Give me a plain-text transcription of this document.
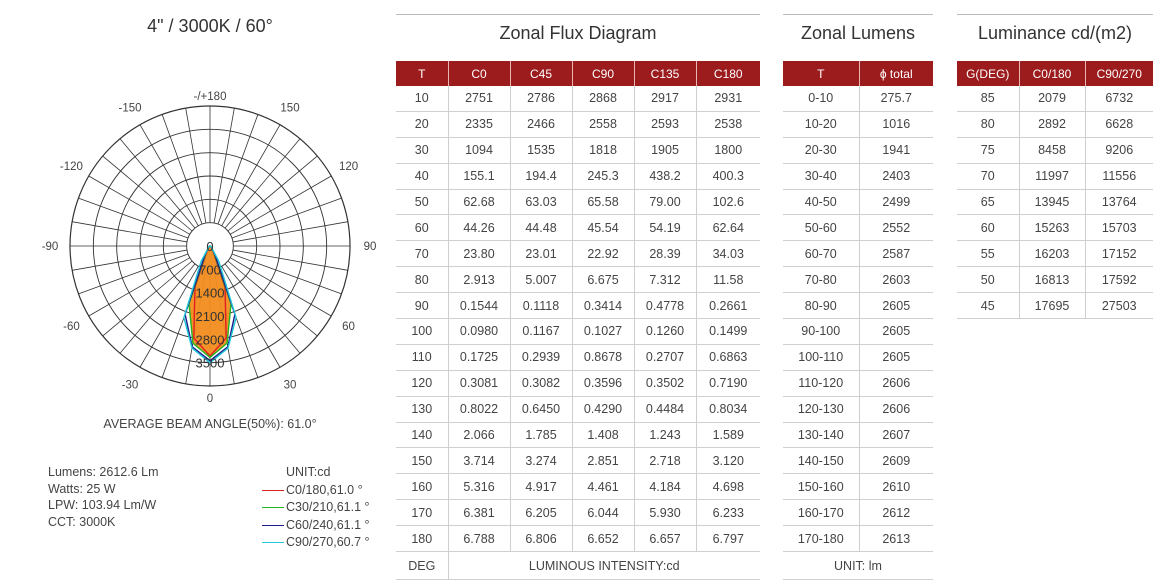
4" / 3000K / 60°
0
700
1400
2100
2800
3500
-/+180
0
-150
-120
150
120
-90	90
-60
-30
60
30
AVERAGE BEAM ANGLE(50%): 61.0°
Lumens: 2612.6 Lm
Watts: 25 W
LPW: 103.94 Lm/W
CCT: 3000K
UNIT:cd
C0/180,61.0 °
C30/210,61.1 °
C60/240,61.1 °
C90/270,60.7 °
Zonal Flux Diagram
T	C0	C45	C90	C135	C180
10	2751	2786	2868	2917	2931
20	2335	2466	2558	2593	2538
30	1094	1535	1818	1905	1800
40	155.1	194.4	245.3	438.2	400.3
50	62.68	63.03	65.58	79.00	102.6
60	44.26	44.48	45.54	54.19	62.64
70	23.80	23.01	22.92	28.39	34.03
80	2.913	5.007	6.675	7.312	11.58
90	0.1544	0.1118	0.3414	0.4778	0.2661
100	0.0980	0.1167	0.1027	0.1260	0.1499
110	0.1725	0.2939	0.8678	0.2707	0.6863
120	0.3081	0.3082	0.3596	0.3502	0.7190
130	0.8022	0.6450	0.4290	0.4484	0.8034
140	2.066	1.785	1.408	1.243	1.589
150	3.714	3.274	2.851	2.718	3.120
160	5.316	4.917	4.461	4.184	4.698
170	6.381	6.205	6.044	5.930	6.233
180	6.788	6.806	6.652	6.657	6.797
DEG	LUMINOUS INTENSITY:cd				
Zonal Lumens
T	ϕ total
0-10	275.7
10-20	1016
20-30	1941
30-40	2403
40-50	2499
50-60	2552
60-70	2587
70-80	2603
80-90	2605
90-100	2605
100-110	2605
110-120	2606
120-130	2606
130-140	2607
140-150	2609
150-160	2610
160-170	2612
170-180	2613
UNIT: lm	
Luminance cd/(m2)
G(DEG)	C0/180	C90/270
85	2079	6732
80	2892	6628
75	8458	9206
70	11997	11556
65	13945	13764
60	15263	15703
55	16203	17152
50	16813	17592
45	17695	27503
